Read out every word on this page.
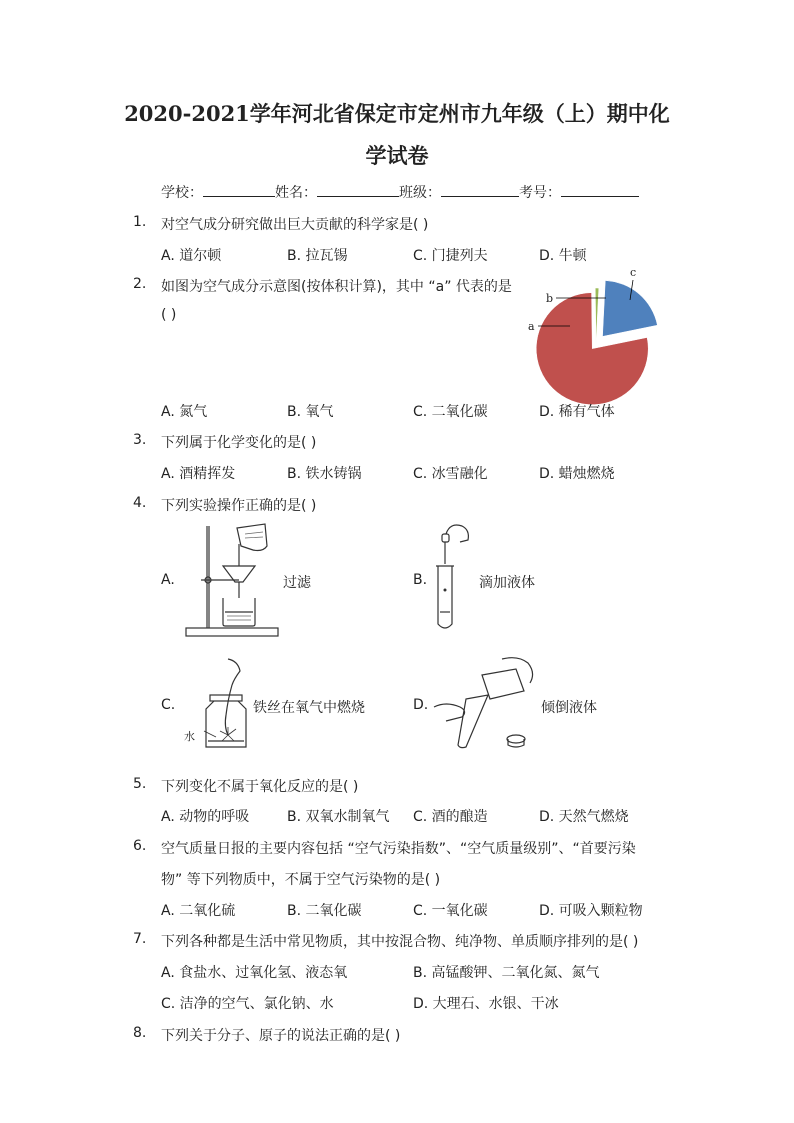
2020-2021学年河北省保定市定州市九年级（上）期中化
学试卷
学校：	姓名：	班级：	考号：
1. 对空气成分研究做出巨大贡献的科学家是( )
A. 道尔顿	B. 拉瓦锡	C. 门捷列夫	D. 牛顿
2. 如图为空气成分示意图(按体积计算)，其中 “a” 代表的是
( )
a
b
c
A. 氮气	B. 氧气	C. 二氧化碳	D. 稀有气体
3. 下列属于化学变化的是( )
A. 酒精挥发	B. 铁水铸锅	C. 冰雪融化	D. 蜡烛燃烧
4. 下列实验操作正确的是( )
A.	过滤	B.	滴加液体
C.	铁丝在氧气中燃烧	D.	倾倒液体
水
5. 下列变化不属于氧化反应的是( )
A. 动物的呼吸	B. 双氧水制氧气 C. 酒的酿造	D. 天然气燃烧
6. 空气质量日报的主要内容包括 “空气污染指数”、“空气质量级别”、“首要污染
物” 等下列物质中，不属于空气污染物的是( )
A. 二氧化硫	B. 二氧化碳	C. 一氧化碳	D. 可吸入颗粒物
7. 下列各种都是生活中常见物质，其中按混合物、纯净物、单质顺序排列的是( )
A. 食盐水、过氧化氢、液态氧	B. 高锰酸钾、二氧化氮、氮气
C. 洁净的空气、氯化钠、水	D. 大理石、水银、干冰
8. 下列关于分子、原子的说法正确的是( )
